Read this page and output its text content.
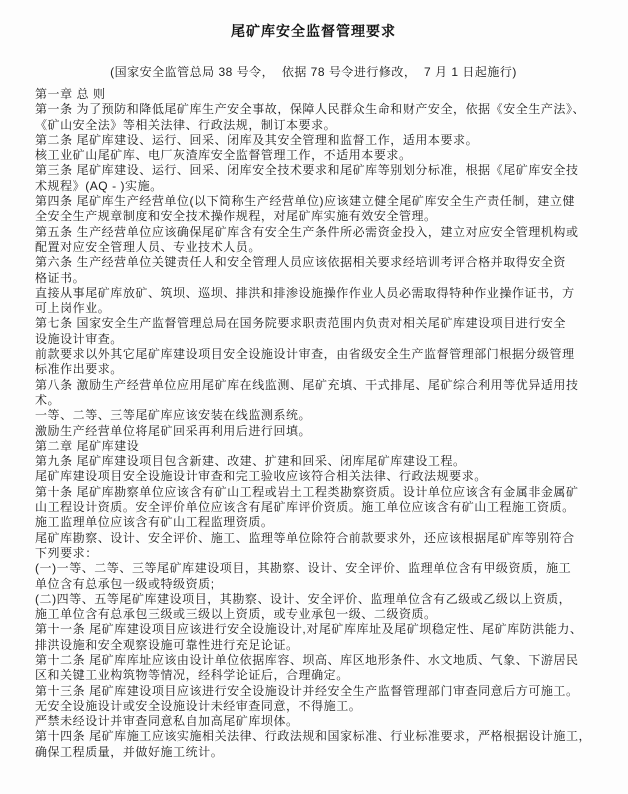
尾矿库安全监督管理要求
(国家安全监管总局 38 号令，  依据 78 号令进行修改，  7 月 1 日起施行)
第一章 总 则
第一条 为了预防和降低尾矿库生产安全事故，保障人民群众生命和财产安全，依据《安全生产法》、
《矿山安全法》等相关法律、行政法规，制订本要求。
第二条 尾矿库建设、运行、回采、闭库及其安全管理和监督工作，适用本要求。
核工业矿山尾矿库、电厂灰渣库安全监督管理工作，不适用本要求。
第三条 尾矿库建设、运行、回采、闭库安全技术要求和尾矿库等别划分标准，根据《尾矿库安全技
术规程》(AQ - )实施。
第四条 尾矿库生产经营单位(以下简称生产经营单位)应该建立健全尾矿库安全生产责任制，建立健
全安全生产规章制度和安全技术操作规程，对尾矿库实施有效安全管理。
第五条 生产经营单位应该确保尾矿库含有安全生产条件所必需资金投入，建立对应安全管理机构或
配置对应安全管理人员、专业技术人员。
第六条 生产经营单位关键责任人和安全管理人员应该依据相关要求经培训考评合格并取得安全资
格证书。
直接从事尾矿库放矿、筑坝、巡坝、排洪和排渗设施操作作业人员必需取得特种作业操作证书，方
可上岗作业。
第七条 国家安全生产监督管理总局在国务院要求职责范围内负责对相关尾矿库建设项目进行安全
设施设计审查。
前款要求以外其它尾矿库建设项目安全设施设计审查，由省级安全生产监督管理部门根据分级管理
标准作出要求。
第八条 激励生产经营单位应用尾矿库在线监测、尾矿充填、干式排尾、尾矿综合利用等优异适用技
术。
一等、二等、三等尾矿库应该安装在线监测系统。
激励生产经营单位将尾矿回采再利用后进行回填。
第二章 尾矿库建设
第九条 尾矿库建设项目包含新建、改建、扩建和回采、闭库尾矿库建设工程。
尾矿库建设项目安全设施设计审查和完工验收应该符合相关法律、行政法规要求。
第十条 尾矿库勘察单位应该含有矿山工程或岩土工程类勘察资质。设计单位应该含有金属非金属矿
山工程设计资质。安全评价单位应该含有尾矿库评价资质。施工单位应该含有矿山工程施工资质。
施工监理单位应该含有矿山工程监理资质。
尾矿库勘察、设计、安全评价、施工、监理等单位除符合前款要求外，还应该根据尾矿库等别符合
下列要求：
(一)一等、二等、三等尾矿库建设项目，其勘察、设计、安全评价、监理单位含有甲级资质，施工
单位含有总承包一级或特级资质;
(二)四等、五等尾矿库建设项目，其勘察、设计、安全评价、监理单位含有乙级或乙级以上资质，
施工单位含有总承包三级或三级以上资质，或专业承包一级、二级资质。
第十一条 尾矿库建设项目应该进行安全设施设计,对尾矿库库址及尾矿坝稳定性、尾矿库防洪能力、
排洪设施和安全观察设施可靠性进行充足论证。
第十二条 尾矿库库址应该由设计单位依据库容、坝高、库区地形条件、水文地质、气象、下游居民
区和关键工业构筑物等情况，经科学论证后，合理确定。
第十三条 尾矿库建设项目应该进行安全设施设计并经安全生产监督管理部门审查同意后方可施工。
无安全设施设计或安全设施设计未经审查同意，不得施工。
严禁未经设计并审查同意私自加高尾矿库坝体。
第十四条 尾矿库施工应该实施相关法律、行政法规和国家标准、行业标准要求，严格根据设计施工，
确保工程质量，并做好施工统计。
